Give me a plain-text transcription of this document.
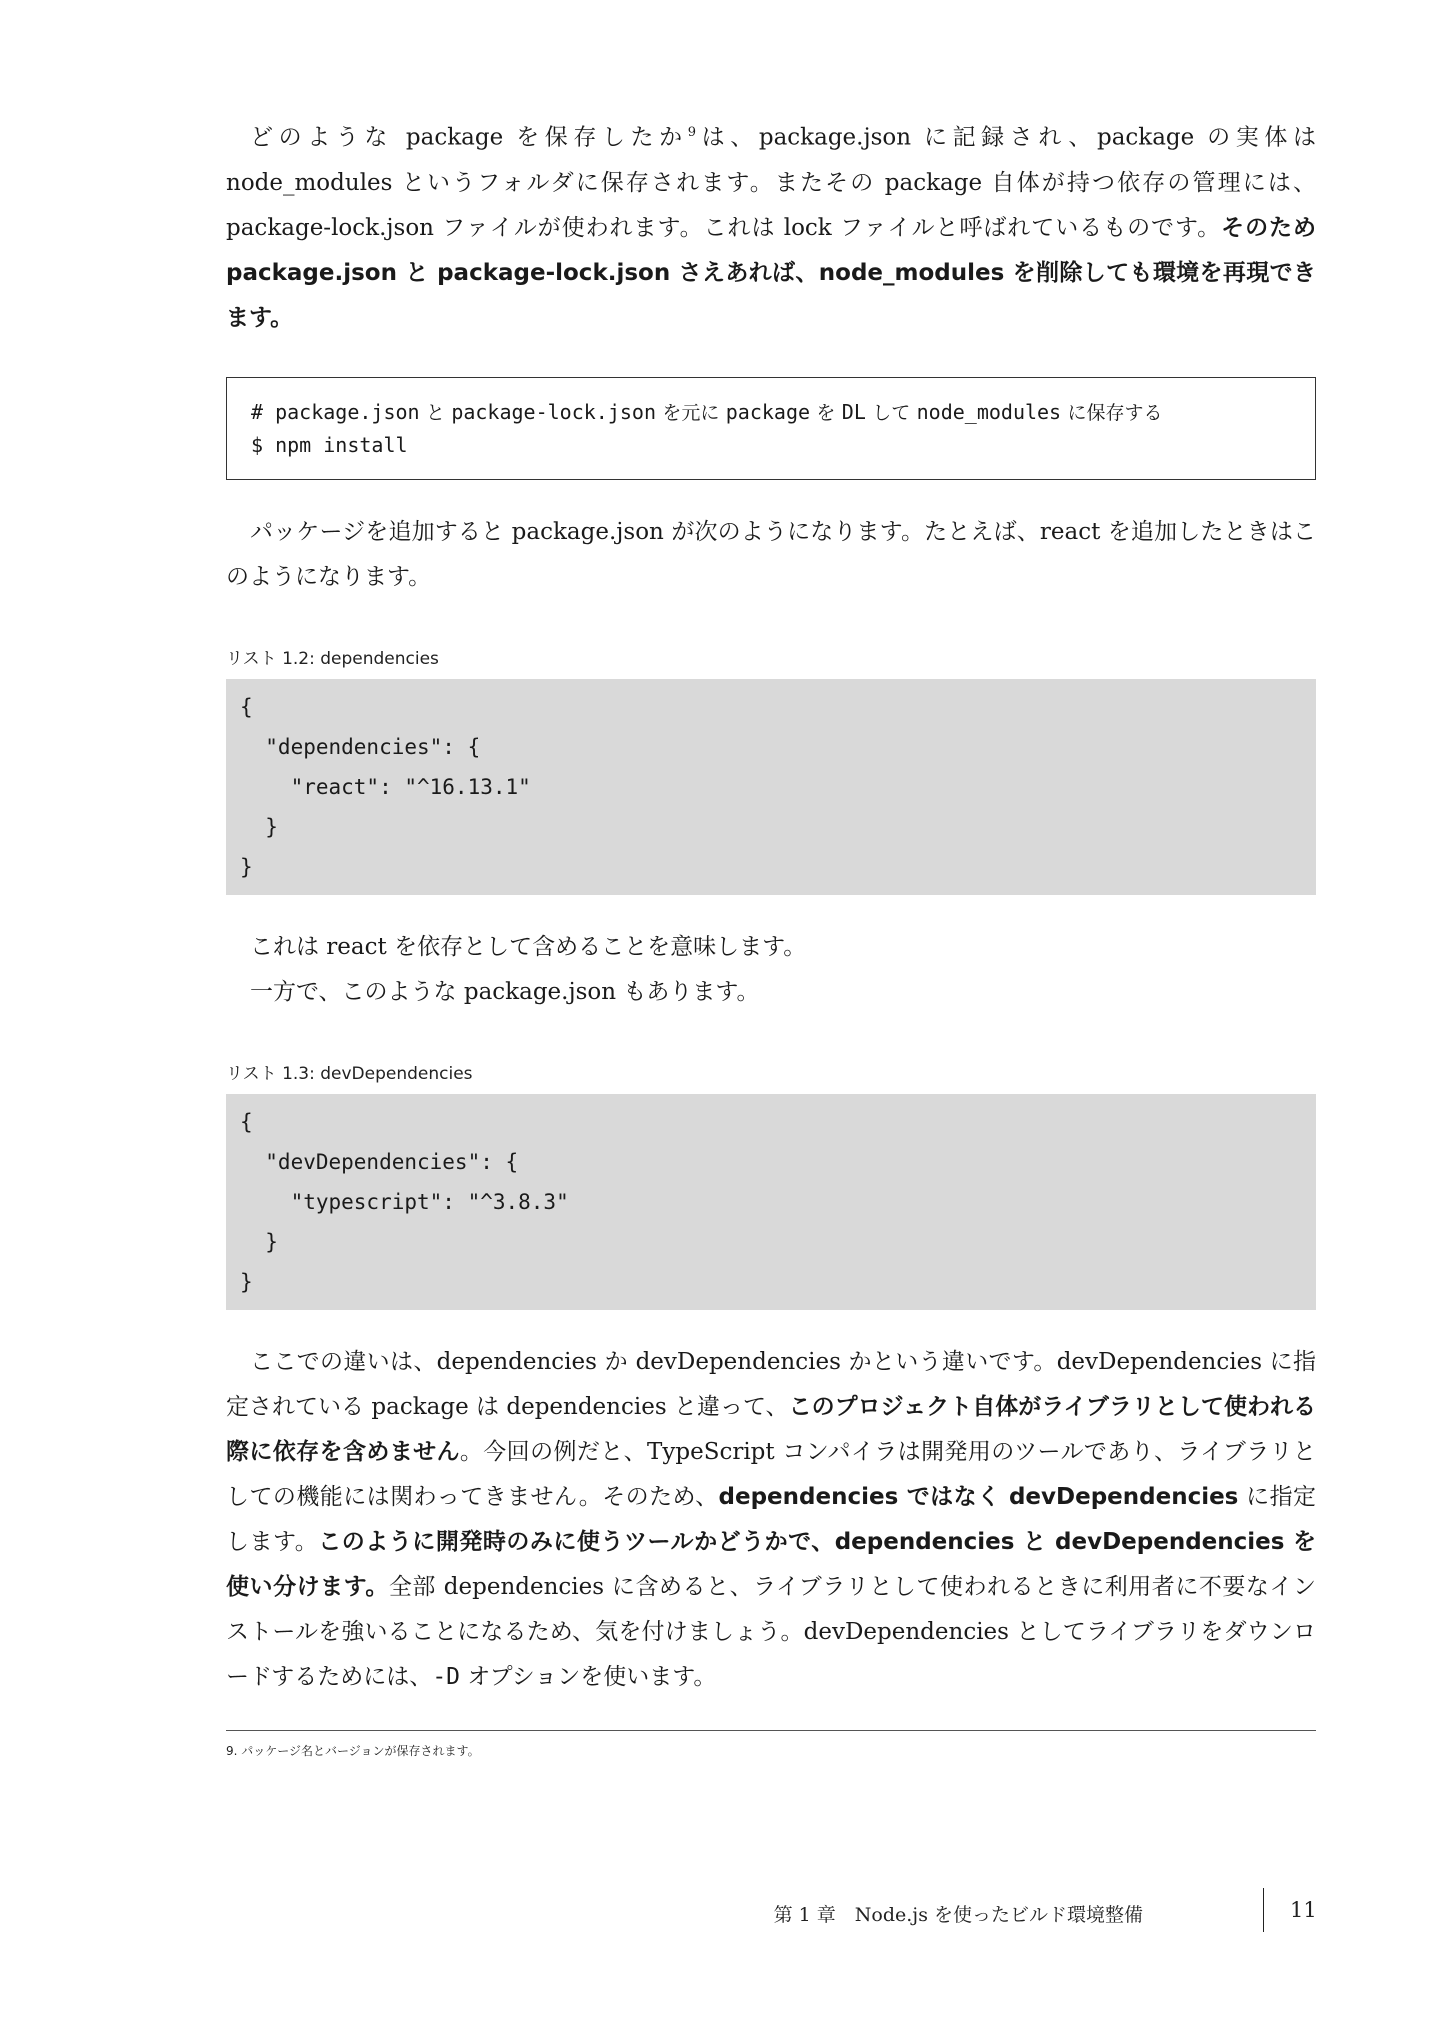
どのような package を保存したか$^9$は、package.json に記録され、package の実体は node_modules というフォルダに保存されます。またその package 自体が持つ依存の管理には、package-lock.json ファイルが使われます。これは lock ファイルと呼ばれているものです。そのため package.json と package-lock.json さえあれば、node_modules を削除しても環境を再現できます。

# package.json と package-lock.json を元に package を DL して node_modules に保存する
$ npm install

パッケージを追加すると package.json が次のようになります。たとえば、react を追加したときはこのようになります。

リスト 1.2: dependencies
{
"dependencies": {
"react": "^16.13.1"
}
}

これは react を依存として含めることを意味します。

一方で、このような package.json もあります。

リスト 1.3: devDependencies
{
"devDependencies": {
"typescript": "^3.8.3"
}
}

ここでの違いは、dependencies か devDependencies かという違いです。devDependencies に指定されている package は dependencies と違って、このプロジェクト自体がライブラリとして使われる際に依存を含めません。今回の例だと、TypeScript コンパイラは開発用のツールであり、ライブラリとしての機能には関わってきません。そのため、dependencies ではなく devDependencies に指定します。このように開発時のみに使うツールかどうかで、dependencies と devDependencies を使い分けます。全部 dependencies に含めると、ライブラリとして使われるときに利用者に不要なインストールを強いることになるため、気を付けましょう。devDependencies としてライブラリをダウンロードするためには、-D オプションを使います。

9. パッケージ名とバージョンが保存されます。
第 1 章　Node.js を使ったビルド環境整備	11
